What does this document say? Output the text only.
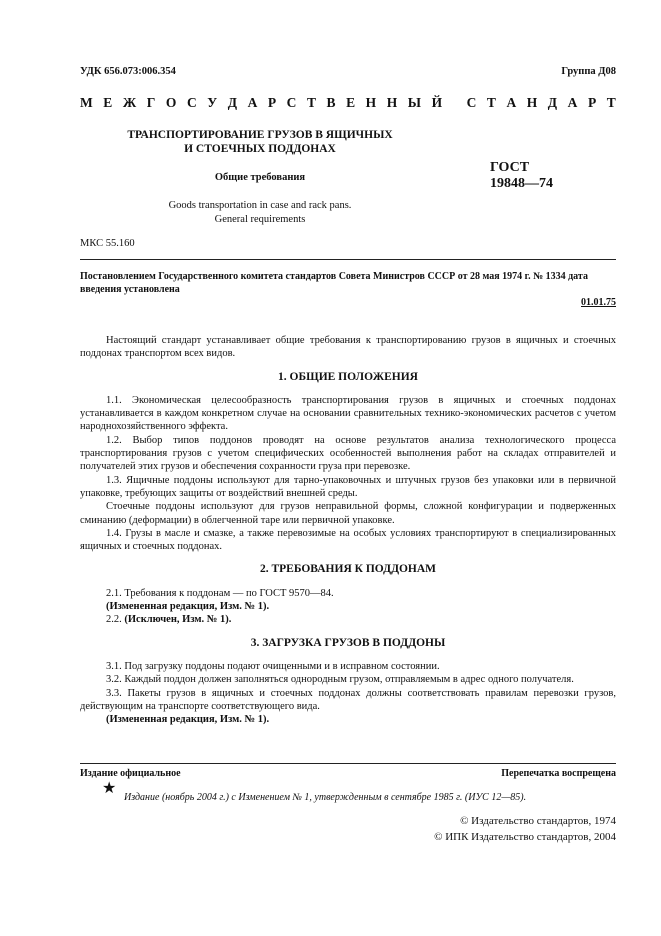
УДК 656.073:006.354	Группа Д08
М Е Ж Г О С У Д А Р С Т В Е Н Н Ы Й
С Т А Н Д А Р Т
ТРАНСПОРТИРОВАНИЕ ГРУЗОВ В ЯЩИЧНЫХ
И СТОЕЧНЫХ ПОДДОНАХ
Общие требования
Goods transportation in case and rack pans.
General requirements
ГОСТ
19848—74
МКС 55.160
Постановлением Государственного комитета стандартов Совета Министров СССР от 28 мая 1974 г. № 1334 дата введения установлена
01.01.75

Настоящий стандарт устанавливает общие требования к транспортированию грузов в ящичных и стоечных поддонах транспортом всех видов.

1. ОБЩИЕ ПОЛОЖЕНИЯ

1.1. Экономическая целесообразность транспортирования грузов в ящичных и стоечных поддонах устанавливается в каждом конкретном случае на основании сравнительных технико-экономических расчетов с учетом народнохозяйственного эффекта.

1.2. Выбор типов поддонов проводят на основе результатов анализа технологического процесса транспортирования грузов с учетом специфических особенностей выполнения работ на складах отправителей и получателей этих грузов и обеспечения сохранности груза при перевозке.

1.3. Ящичные поддоны используют для тарно-упаковочных и штучных грузов без упаковки или в первичной упаковке, требующих защиты от воздействий внешней среды.

Стоечные поддоны используют для грузов неправильной формы, сложной конфигурации и подверженных сминанию (деформации) в облегченной таре или первичной упаковке.

1.4. Грузы в масле и смазке, а также перевозимые на особых условиях транспортируют в специализированных ящичных и стоечных поддонах.

2. ТРЕБОВАНИЯ К ПОДДОНАМ

2.1. Требования к поддонам — по ГОСТ 9570—84.

(Измененная редакция, Изм. № 1).

2.2. (Исключен, Изм. № 1).

3. ЗАГРУЗКА ГРУЗОВ В ПОДДОНЫ

3.1. Под загрузку поддоны подают очищенными и в исправном состоянии.

3.2. Каждый поддон должен заполняться однородным грузом, отправляемым в адрес одного получателя.

3.3. Пакеты грузов в ящичных и стоечных поддонах должны соответствовать правилам перевозки грузов, действующим на транспорте соответствующего вида.

(Измененная редакция, Изм. № 1).

Издание официальное	Перепечатка воспрещена
★
Издание (ноябрь 2004 г.) с Изменением № 1, утвержденным в сентябре 1985 г. (ИУС 12—85).
© Издательство стандартов, 1974
© ИПК Издательство стандартов, 2004
